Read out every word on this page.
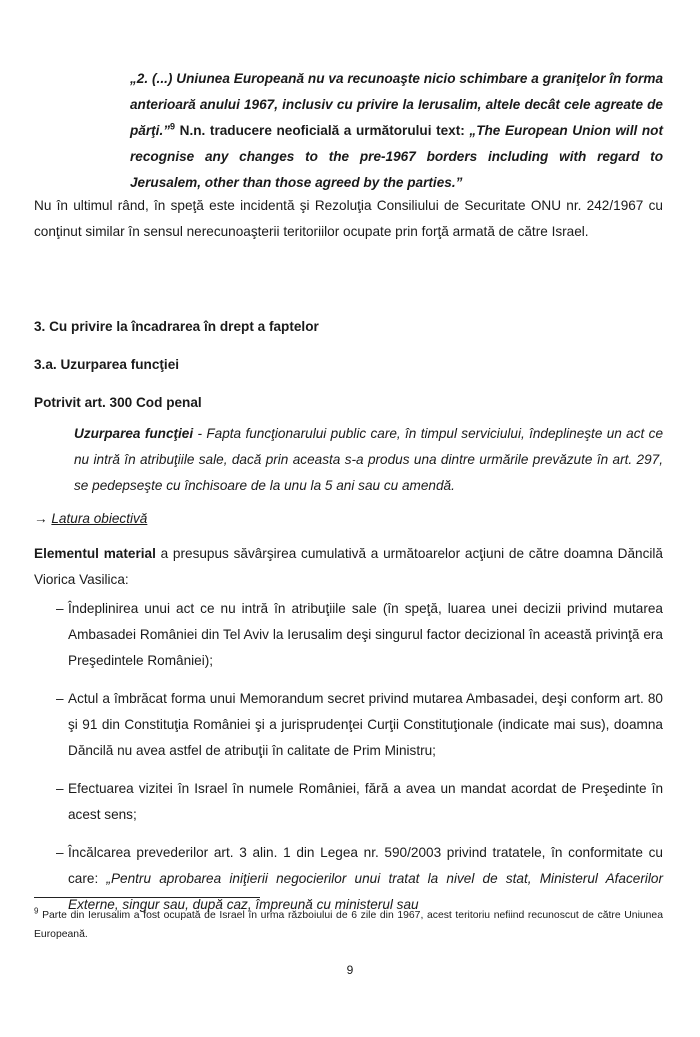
„2. (...) Uniunea Europeană nu va recunoaşte nicio schimbare a graniţelor în forma anterioară anului 1967, inclusiv cu privire la Ierusalim, altele decât cele agreate de părţi.”$^9$ N.n. traducere neoficială a următorului text: „The European Union will not recognise any changes to the pre-1967 borders including with regard to Jerusalem, other than those agreed by the parties.”

Nu în ultimul rând, în speţă este incidentă şi Rezoluţia Consiliului de Securitate ONU nr. 242/1967 cu conţinut similar în sensul nerecunoaşterii teritoriilor ocupate prin forţă armată de către Israel.

3. Cu privire la încadrarea în drept a faptelor

3.a. Uzurparea funcţiei

Potrivit art. 300 Cod penal

Uzurparea funcţiei - Fapta funcţionarului public care, în timpul serviciului, îndeplineşte un act ce nu intră în atribuţiile sale, dacă prin aceasta s-a produs una dintre urmările prevăzute în art. 297, se pedepseşte cu închisoare de la unu la 5 ani sau cu amendă.

→ Latura obiectivă

Elementul material a presupus săvârşirea cumulativă a următoarelor acţiuni de către doamna Dăncilă Viorica Vasilica:

– Îndeplinirea unui act ce nu intră în atribuţiile sale (în speţă, luarea unei decizii privind mutarea Ambasadei României din Tel Aviv la Ierusalim deşi singurul factor decizional în această privinţă era Preşedintele României);
– Actul a îmbrăcat forma unui Memorandum secret privind mutarea Ambasadei, deşi conform art. 80 şi 91 din Constituţia României şi a jurisprudenţei Curţii Constituţionale (indicate mai sus), doamna Dăncilă nu avea astfel de atribuţii în calitate de Prim Ministru;
– Efectuarea vizitei în Israel în numele României, fără a avea un mandat acordat de Preşedinte în acest sens;
– Încălcarea prevederilor art. 3 alin. 1 din Legea nr. 590/2003 privind tratatele, în conformitate cu care: „Pentru aprobarea iniţierii negocierilor unui tratat la nivel de stat, Ministerul Afacerilor Externe, singur sau, după caz, împreună cu ministerul sau

$^9$ Parte din Ierusalim a fost ocupată de Israel în urma războiului de 6 zile din 1967, acest teritoriu nefiind recunoscut de către Uniunea Europeană.

9
